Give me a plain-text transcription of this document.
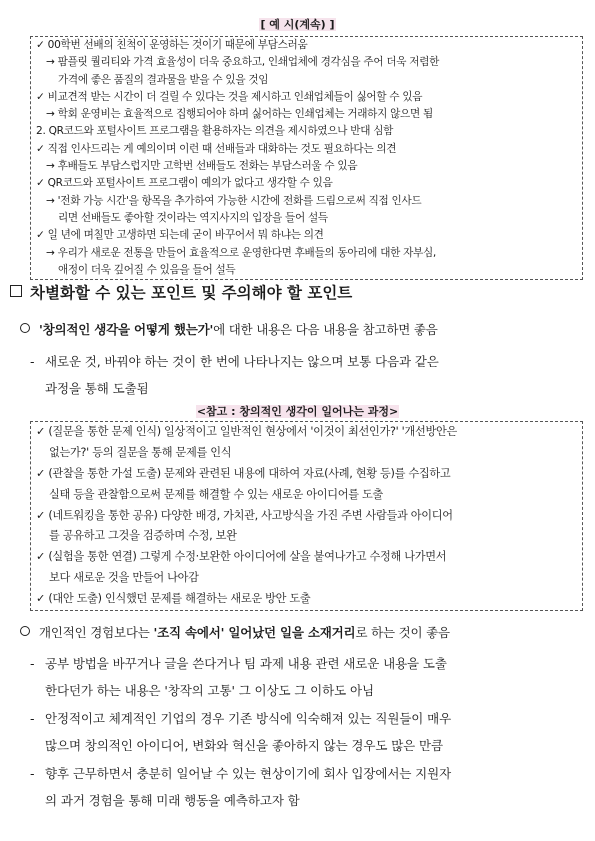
[ 예 시(계속) ]
✓ 00학번 선배의 친척이 운영하는 것이기 때문에 부담스러움
→ 팜플릿 퀄리티와 가격 효율성이 더욱 중요하고, 인쇄업체에 경각심을 주어 더욱 저렴한
가격에 좋은 품질의 결과물을 받을 수 있을 것임
✓ 비교견적 받는 시간이 더 걸릴 수 있다는 것을 제시하고 인쇄업체들이 싫어할 수 있음
→ 학회 운영비는 효율적으로 집행되어야 하며 싫어하는 인쇄업체는 거래하지 않으면 됨
2. QR코드와 포털사이트 프로그램을 활용하자는 의견을 제시하였으나 반대 심함
✓ 직접 인사드리는 게 예의이며 이런 때 선배들과 대화하는 것도 필요하다는 의견
→ 후배들도 부담스럽지만 고학번 선배들도 전화는 부담스러울 수 있음
✓ QR코드와 포털사이트 프로그램이 예의가 없다고 생각할 수 있음
→ '전화 가능 시간'을 항목을 추가하여 가능한 시간에 전화를 드림으로써 직접 인사드
리면 선배들도 좋아할 것이라는 역지사지의 입장을 들어 설득
✓ 일 년에 며칠만 고생하면 되는데 굳이 바꾸어서 뭐 하냐는 의견
→ 우리가 새로운 전통을 만들어 효율적으로 운영한다면 후배들의 동아리에 대한 자부심,
애정이 더욱 깊어질 수 있음을 들어 설득
차별화할 수 있는 포인트 및 주의해야 할 포인트
'창의적인 생각을 어떻게 했는가'에 대한 내용은 다음 내용을 참고하면 좋음
- 새로운 것, 바꿔야 하는 것이 한 번에 나타나지는 않으며 보통 다음과 같은
과정을 통해 도출됨
<참고 : 창의적인 생각이 일어나는 과정>
✓ (질문을 통한 문제 인식) 일상적이고 일반적인 현상에서 '이것이 최선인가?' '개선방안은
없는가?' 등의 질문을 통해 문제를 인식
✓ (관찰을 통한 가설 도출) 문제와 관련된 내용에 대하여 자료(사례, 현황 등)를 수집하고
실태 등을 관찰함으로써 문제를 해결할 수 있는 새로운 아이디어를 도출
✓ (네트워킹을 통한 공유) 다양한 배경, 가치관, 사고방식을 가진 주변 사람들과 아이디어
를 공유하고 그것을 검증하며 수정, 보완
✓ (실험을 통한 연결) 그렇게 수정·보완한 아이디어에 살을 붙여나가고 수정해 나가면서
보다 새로운 것을 만들어 나아감
✓ (대안 도출) 인식했던 문제를 해결하는 새로운 방안 도출
개인적인 경험보다는 '조직 속에서' 일어났던 일을 소재거리로 하는 것이 좋음
- 공부 방법을 바꾸거나 글을 쓴다거나 팀 과제 내용 관련 새로운 내용을 도출
한다던가 하는 내용은 '창작의 고통' 그 이상도 그 이하도 아님
- 안정적이고 체계적인 기업의 경우 기존 방식에 익숙해져 있는 직원들이 매우
많으며 창의적인 아이디어, 변화와 혁신을 좋아하지 않는 경우도 많은 만큼
- 향후 근무하면서 충분히 일어날 수 있는 현상이기에 회사 입장에서는 지원자
의 과거 경험을 통해 미래 행동을 예측하고자 함
